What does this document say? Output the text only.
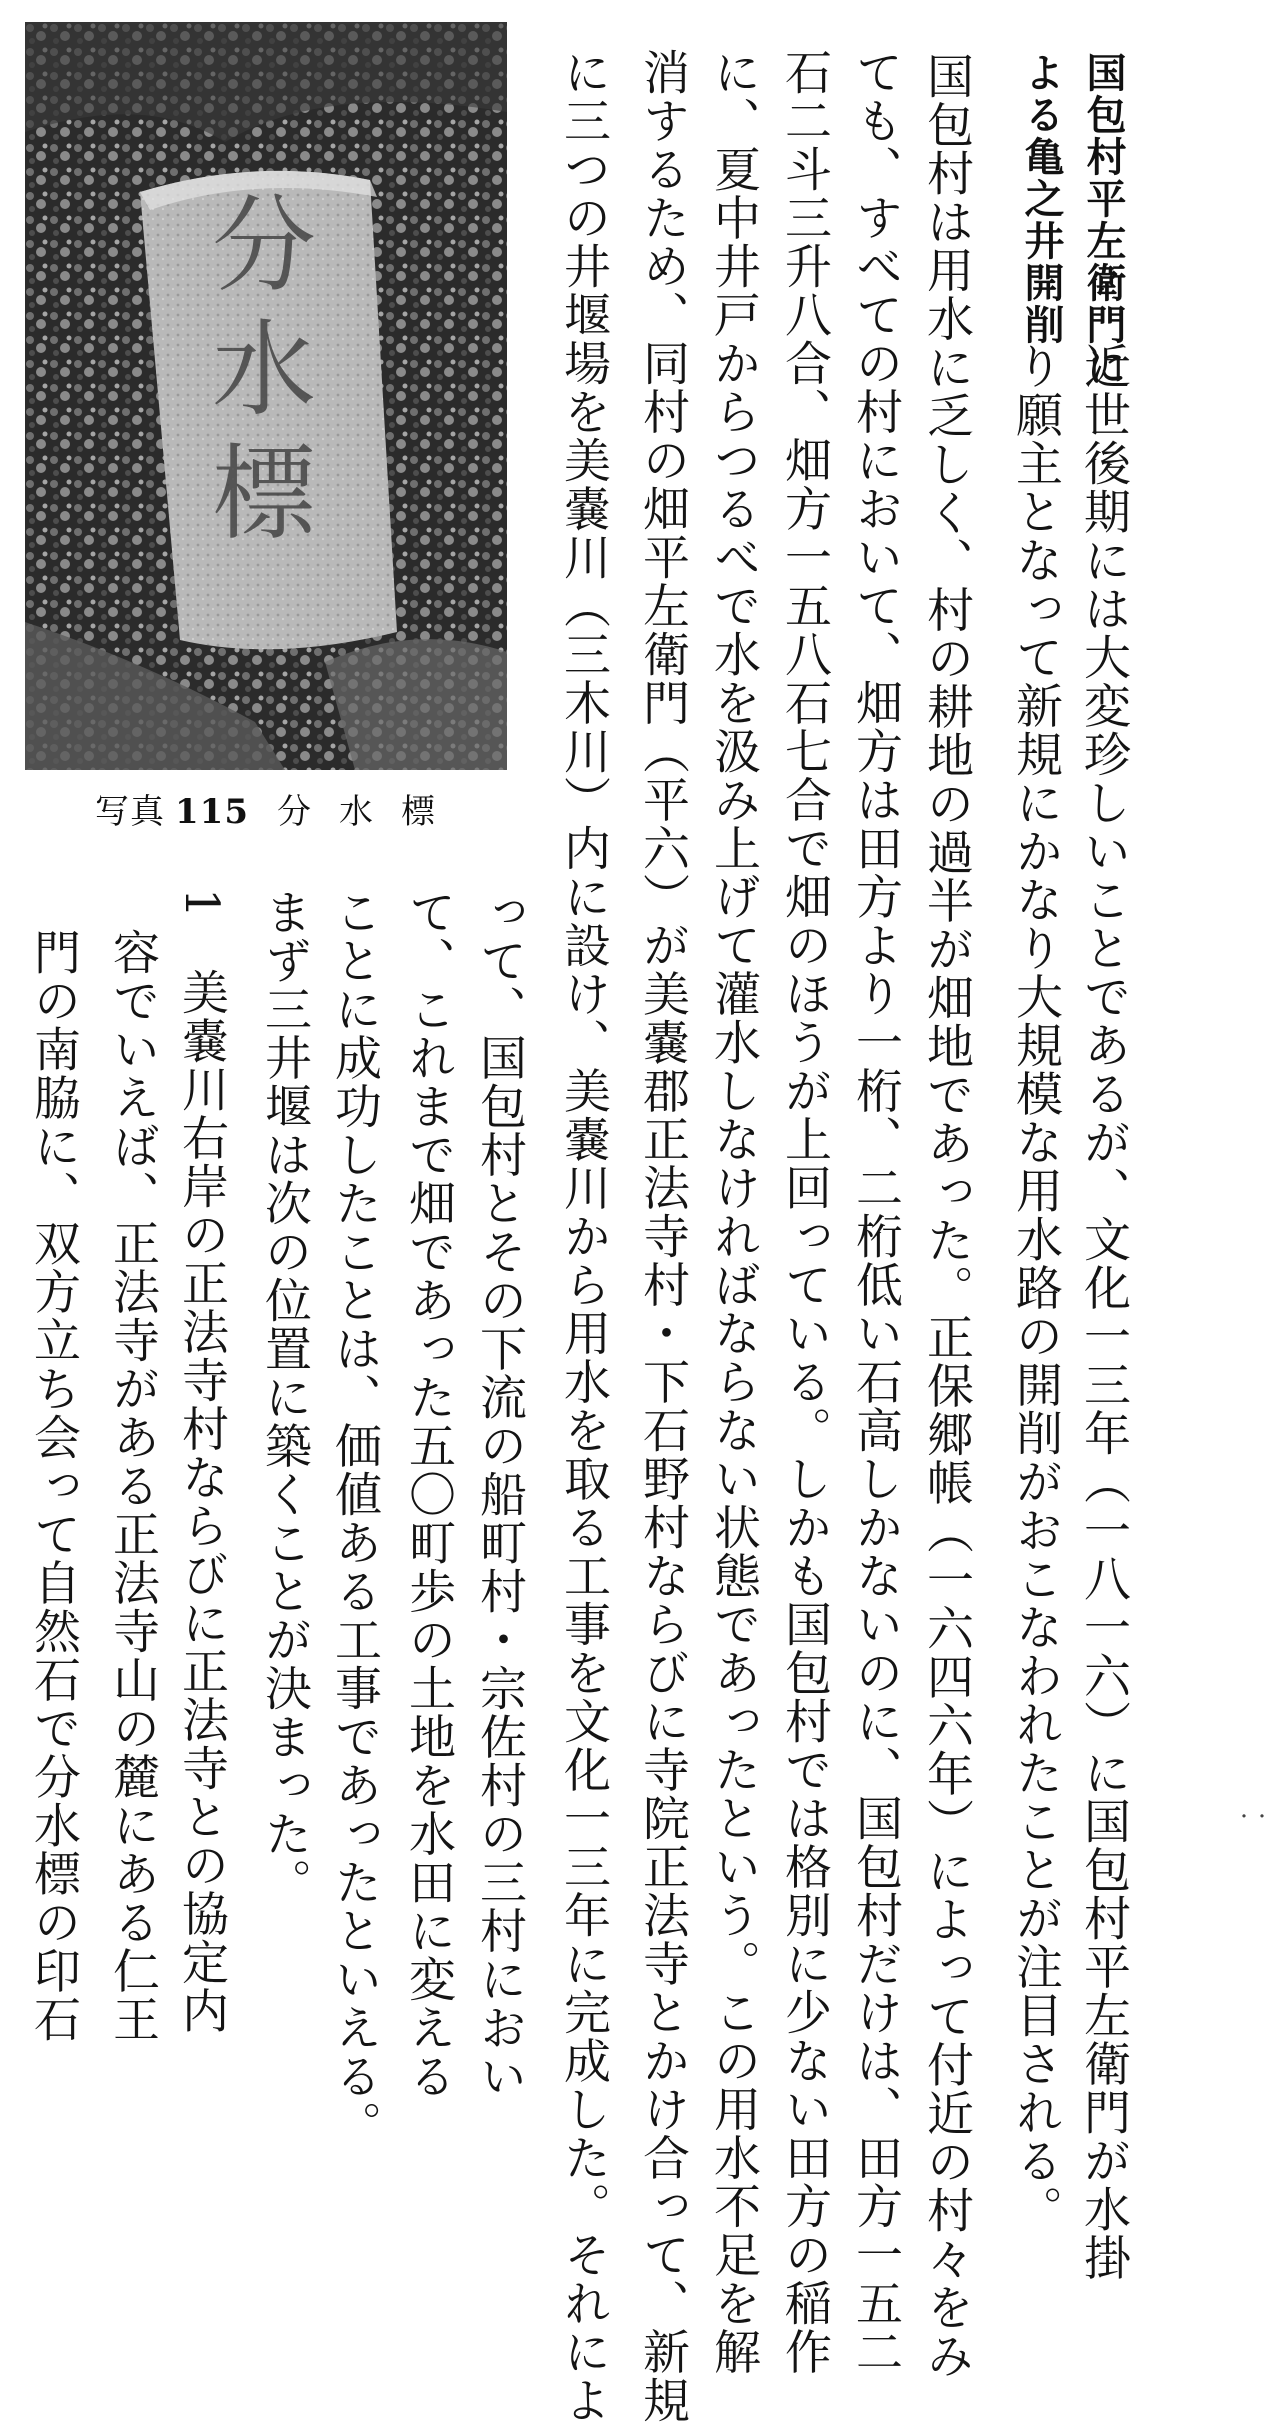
分水標
写真 115 分水標
国包村平左衛門に
よる亀之井開削
近世後期には大変珍しいことであるが、文化一三年（一八一六）に国包村平左衛門が水掛
り願主となって新規にかなり大規模な用水路の開削がおこなわれたことが注目される。
国包村は用水に乏しく、村の耕地の過半が畑地であった。正保郷帳（一六四六年）によって付近の村々をみ
ても、すべての村において、畑方は田方より一桁、二桁低い石高しかないのに、国包村だけは、田方一五二
石二斗三升八合、畑方一五八石七合で畑のほうが上回っている。しかも国包村では格別に少ない田方の稲作
に、夏中井戸からつるべで水を汲み上げて灌水しなければならない状態であったという。この用水不足を解
消するため、同村の畑平左衛門（平六）が美嚢郡正法寺村・下石野村ならびに寺院正法寺とかけ合って、新規
に三つの井堰場を美嚢川（三木川）内に設け、美嚢川から用水を取る工事を文化一三年に完成した。それによ
って、国包村とその下流の船町村・宗佐村の三村におい
て、これまで畑であった五〇町歩の土地を水田に変える
ことに成功したことは、価値ある工事であったといえる。
まず三井堰は次の位置に築くことが決まった。
1　美嚢川右岸の正法寺村ならびに正法寺との協定内
容でいえば、正法寺がある正法寺山の麓にある仁王
門の南脇に、双方立ち会って自然石で分水標の印石	・・
